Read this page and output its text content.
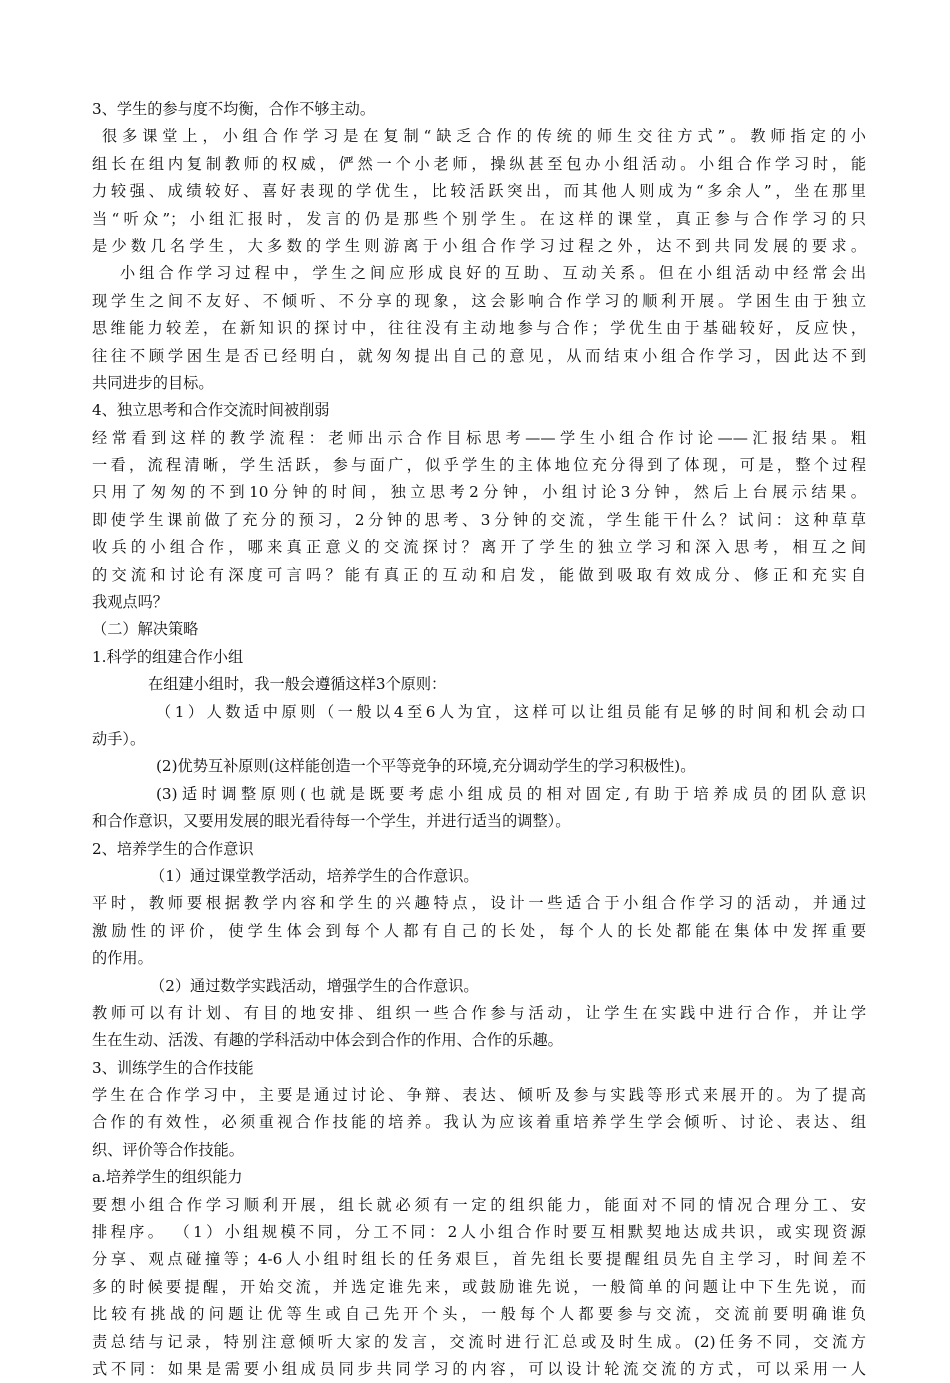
3、学生的参与度不均衡，合作不够主动。
很多课堂上，小组合作学习是在复制“缺乏合作的传统的师生交往方式”。教师指定的小
组长在组内复制教师的权威，俨然一个小老师，操纵甚至包办小组活动。小组合作学习时，能
力较强、成绩较好、喜好表现的学优生，比较活跃突出，而其他人则成为“多余人”，坐在那里
当“听众”；小组汇报时，发言的仍是那些个别学生。在这样的课堂，真正参与合作学习的只
是少数几名学生，大多数的学生则游离于小组合作学习过程之外，达不到共同发展的要求。
小组合作学习过程中，学生之间应形成良好的互助、互动关系。但在小组活动中经常会出
现学生之间不友好、不倾听、不分享的现象，这会影响合作学习的顺利开展。学困生由于独立
思维能力较差，在新知识的探讨中，往往没有主动地参与合作；学优生由于基础较好，反应快，
往往不顾学困生是否已经明白，就匆匆提出自己的意见，从而结束小组合作学习，因此达不到
共同进步的目标。
4、独立思考和合作交流时间被削弱
经常看到这样的教学流程：老师出示合作目标思考——学生小组合作讨论——汇报结果。粗
一看，流程清晰，学生活跃，参与面广，似乎学生的主体地位充分得到了体现，可是，整个过程
只用了匆匆的不到10分钟的时间，独立思考2分钟，小组讨论3分钟，然后上台展示结果。
即使学生课前做了充分的预习，2分钟的思考、3分钟的交流，学生能干什么？试问：这种草草
收兵的小组合作，哪来真正意义的交流探讨？离开了学生的独立学习和深入思考，相互之间
的交流和讨论有深度可言吗？能有真正的互动和启发，能做到吸取有效成分、修正和充实自
我观点吗？
（二）解决策略
1.科学的组建合作小组
在组建小组时，我一般会遵循这样3个原则：
（1）人数适中原则（一般以4至6人为宜，这样可以让组员能有足够的时间和机会动口
动手）。
(2)优势互补原则(这样能创造一个平等竞争的环境,充分调动学生的学习积极性)。
(3)适时调整原则(也就是既要考虑小组成员的相对固定,有助于培养成员的团队意识
和合作意识，又要用发展的眼光看待每一个学生，并进行适当的调整）。
2、培养学生的合作意识
（1）通过课堂教学活动，培养学生的合作意识。
平时，教师要根据教学内容和学生的兴趣特点，设计一些适合于小组合作学习的活动，并通过
激励性的评价，使学生体会到每个人都有自己的长处，每个人的长处都能在集体中发挥重要
的作用。
（2）通过数学实践活动，增强学生的合作意识。
教师可以有计划、有目的地安排、组织一些合作参与活动，让学生在实践中进行合作，并让学
生在生动、活泼、有趣的学科活动中体会到合作的作用、合作的乐趣。
3、训练学生的合作技能
学生在合作学习中，主要是通过讨论、争辩、表达、倾听及参与实践等形式来展开的。为了提高
合作的有效性，必须重视合作技能的培养。我认为应该着重培养学生学会倾听、讨论、表达、组
织、评价等合作技能。
a.培养学生的组织能力
要想小组合作学习顺利开展，组长就必须有一定的组织能力，能面对不同的情况合理分工、安
排程序。 （1）小组规模不同，分工不同：2人小组合作时要互相默契地达成共识，或实现资源
分享、观点碰撞等；4-6人小组时组长的任务艰巨，首先组长要提醒组员先自主学习，时间差不
多的时候要提醒，开始交流，并选定谁先来，或鼓励谁先说，一般简单的问题让中下生先说，而
比较有挑战的问题让优等生或自己先开个头，一般每个人都要参与交流，交流前要明确谁负
责总结与记录，特别注意倾听大家的发言，交流时进行汇总或及时生成。(2)任务不同，交流方
式不同：如果是需要小组成员同步共同学习的内容，可以设计轮流交流的方式，可以采用一人
